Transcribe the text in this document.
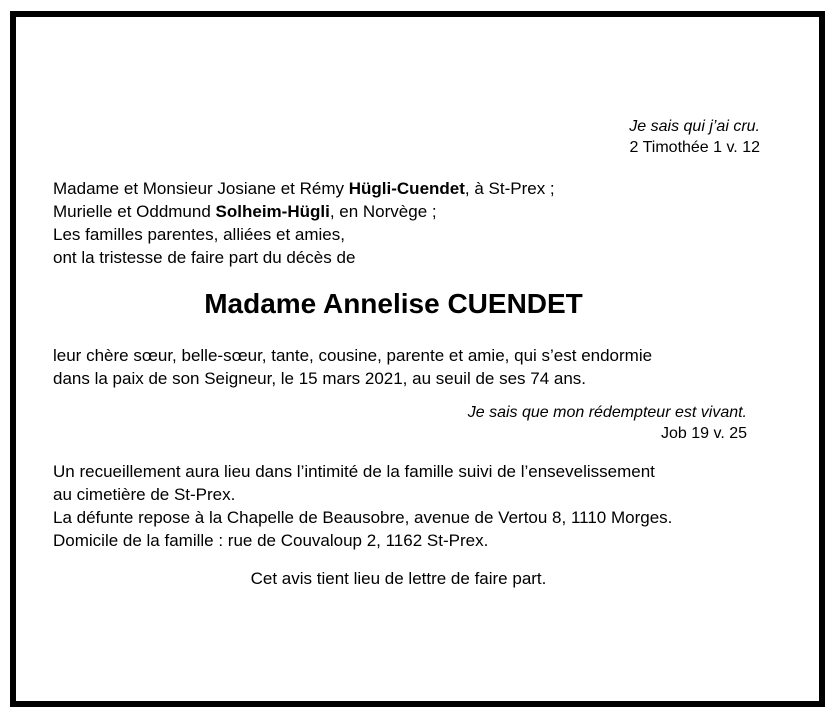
Je sais qui j’ai cru.
2 Timothée 1 v. 12
Madame et Monsieur Josiane et Rémy Hügli-Cuendet, à St-Prex ;
Murielle et Oddmund Solheim-Hügli, en Norvège ;
Les familles parentes, alliées et amies,
ont la tristesse de faire part du décès de
Madame Annelise CUENDET
leur chère sœur, belle-sœur, tante, cousine, parente et amie, qui s’est endormie
dans la paix de son Seigneur, le 15 mars 2021, au seuil de ses 74 ans.
Je sais que mon rédempteur est vivant.
Job 19 v. 25
Un recueillement aura lieu dans l’intimité de la famille suivi de l’ensevelissement
au cimetière de St-Prex.
La défunte repose à la Chapelle de Beausobre, avenue de Vertou 8, 1110 Morges.
Domicile de la famille : rue de Couvaloup 2, 1162 St-Prex.
Cet avis tient lieu de lettre de faire part.
